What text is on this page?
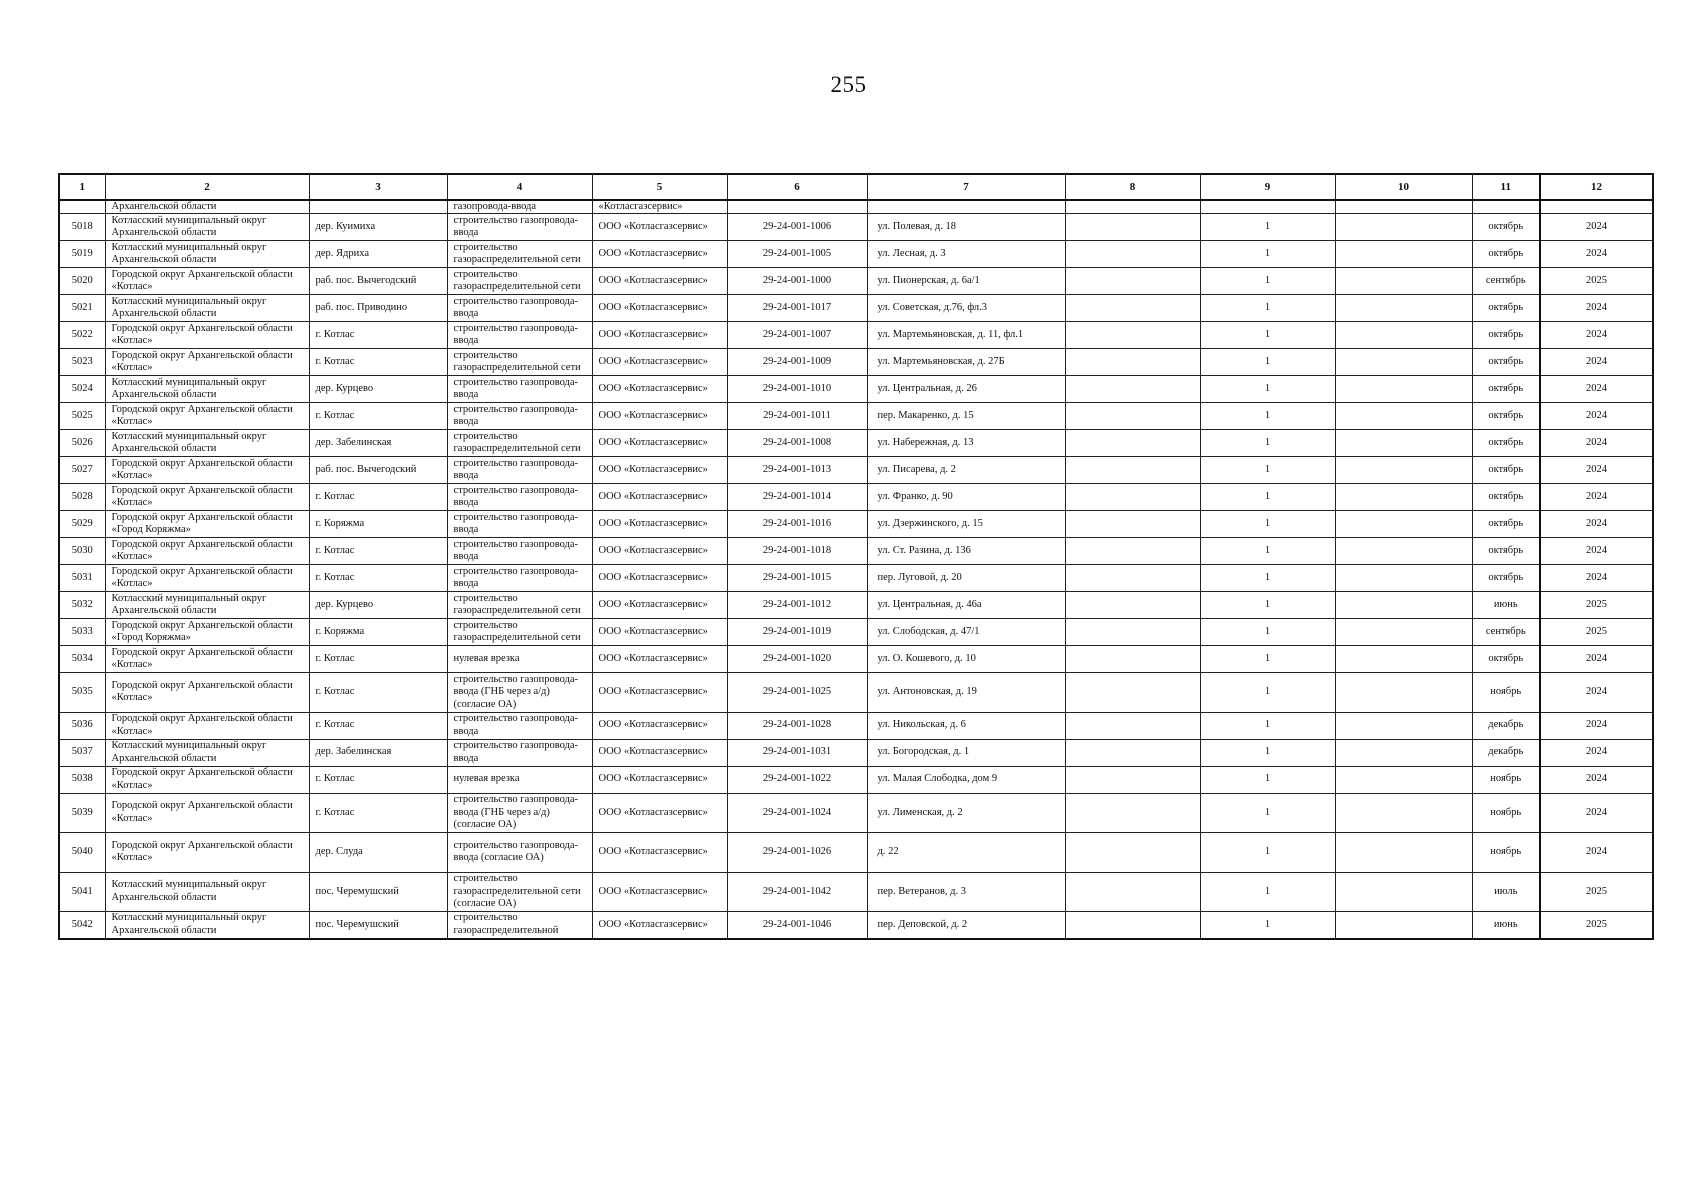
255
1	2	3	4	5	6	7	8	9	10	11	12
	Архангельской области		газопровода-ввода	«Котласгазсервис»							
5018	Котласский муниципальный округ Архангельской области	дер. Куимиха	строительство газопровода-ввода	ООО «Котласгазсервис»	29-24-001-1006	ул. Полевая, д. 18		1		октябрь	2024
5019	Котласский муниципальный округ Архангельской области	дер. Ядриха	строительство газораспределительной сети	ООО «Котласгазсервис»	29-24-001-1005	ул. Лесная, д. 3		1		октябрь	2024
5020	Городской округ Архангельской области «Котлас»	раб. пос. Вычегодский	строительство газораспределительной сети	ООО «Котласгазсервис»	29-24-001-1000	ул. Пионерская, д. 6а/1		1		сентябрь	2025
5021	Котласский муниципальный округ Архангельской области	раб. пос. Приводино	строительство газопровода-ввода	ООО «Котласгазсервис»	29-24-001-1017	ул. Советская, д.76, фл.3		1		октябрь	2024
5022	Городской округ Архангельской области «Котлас»	г. Котлас	строительство газопровода-ввода	ООО «Котласгазсервис»	29-24-001-1007	ул. Мартемьяновская, д. 11, фл.1		1		октябрь	2024
5023	Городской округ Архангельской области «Котлас»	г. Котлас	строительство газораспределительной сети	ООО «Котласгазсервис»	29-24-001-1009	ул. Мартемьяновская, д. 27Б		1		октябрь	2024
5024	Котласский муниципальный округ Архангельской области	дер. Курцево	строительство газопровода-ввода	ООО «Котласгазсервис»	29-24-001-1010	ул. Центральная, д. 26		1		октябрь	2024
5025	Городской округ Архангельской области «Котлас»	г. Котлас	строительство газопровода-ввода	ООО «Котласгазсервис»	29-24-001-1011	пер. Макаренко, д. 15		1		октябрь	2024
5026	Котласский муниципальный округ Архангельской области	дер. Забелинская	строительство газораспределительной сети	ООО «Котласгазсервис»	29-24-001-1008	ул. Набережная, д. 13		1		октябрь	2024
5027	Городской округ Архангельской области «Котлас»	раб. пос. Вычегодский	строительство газопровода-ввода	ООО «Котласгазсервис»	29-24-001-1013	ул. Писарева, д. 2		1		октябрь	2024
5028	Городской округ Архангельской области «Котлас»	г. Котлас	строительство газопровода-ввода	ООО «Котласгазсервис»	29-24-001-1014	ул. Франко, д. 90		1		октябрь	2024
5029	Городской округ Архангельской области «Город Коряжма»	г. Коряжма	строительство газопровода-ввода	ООО «Котласгазсервис»	29-24-001-1016	ул. Дзержинского, д. 15		1		октябрь	2024
5030	Городской округ Архангельской области «Котлас»	г. Котлас	строительство газопровода-ввода	ООО «Котласгазсервис»	29-24-001-1018	ул. Ст. Разина, д. 136		1		октябрь	2024
5031	Городской округ Архангельской области «Котлас»	г. Котлас	строительство газопровода-ввода	ООО «Котласгазсервис»	29-24-001-1015	пер. Луговой, д. 20		1		октябрь	2024
5032	Котласский муниципальный округ Архангельской области	дер. Курцево	строительство газораспределительной сети	ООО «Котласгазсервис»	29-24-001-1012	ул. Центральная, д. 46а		1		июнь	2025
5033	Городской округ Архангельской области «Город Коряжма»	г. Коряжма	строительство газораспределительной сети	ООО «Котласгазсервис»	29-24-001-1019	ул. Слободская, д. 47/1		1		сентябрь	2025
5034	Городской округ Архангельской области «Котлас»	г. Котлас	нулевая врезка	ООО «Котласгазсервис»	29-24-001-1020	ул. О. Кошевого, д. 10		1		октябрь	2024
5035	Городской округ Архангельской области «Котлас»	г. Котлас	строительство газопровода-ввода (ГНБ через а/д) (согласие ОА)	ООО «Котласгазсервис»	29-24-001-1025	ул. Антоновская, д. 19		1		ноябрь	2024
5036	Городской округ Архангельской области «Котлас»	г. Котлас	строительство газопровода-ввода	ООО «Котласгазсервис»	29-24-001-1028	ул. Никольская, д. 6		1		декабрь	2024
5037	Котласский муниципальный округ Архангельской области	дер. Забелинская	строительство газопровода-ввода	ООО «Котласгазсервис»	29-24-001-1031	ул. Богородская, д. 1		1		декабрь	2024
5038	Городской округ Архангельской области «Котлас»	г. Котлас	нулевая врезка	ООО «Котласгазсервис»	29-24-001-1022	ул. Малая Слободка, дом 9		1		ноябрь	2024
5039	Городской округ Архангельской области «Котлас»	г. Котлас	строительство газопровода-ввода (ГНБ через а/д) (согласие ОА)	ООО «Котласгазсервис»	29-24-001-1024	ул. Лименская, д. 2		1		ноябрь	2024
5040	Городской округ Архангельской области «Котлас»	дер. Слуда	строительство газопровода-ввода (согласие ОА)	ООО «Котласгазсервис»	29-24-001-1026	д. 22		1		ноябрь	2024
5041	Котласский муниципальный округ Архангельской области	пос. Черемушский	строительство газораспределительной сети (согласие ОА)	ООО «Котласгазсервис»	29-24-001-1042	пер. Ветеранов, д. 3		1		июль	2025
5042	Котласский муниципальный округ Архангельской области	пос. Черемушский	строительство газораспределительной	ООО «Котласгазсервис»	29-24-001-1046	пер. Деповской, д. 2		1		июнь	2025
